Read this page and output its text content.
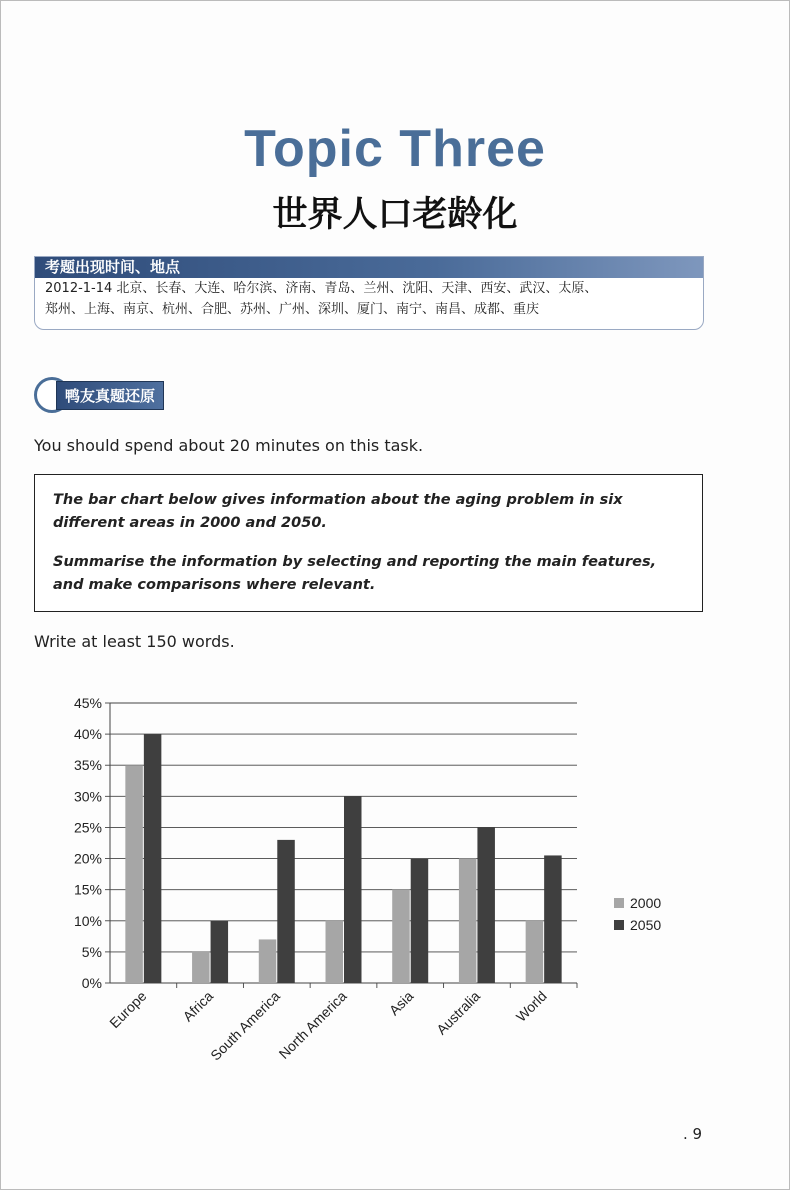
Topic Three
世界人口老龄化
考题出现时间、地点
2012-1-14 北京、长春、大连、哈尔滨、济南、青岛、兰州、沈阳、天津、西安、武汉、太原、
郑州、上海、南京、杭州、合肥、苏州、广州、深圳、厦门、南宁、南昌、成都、重庆
鸭友真题还原
You should spend about 20 minutes on this task.

The bar chart below gives information about the aging problem in six different areas in 2000 and 2050.

Summarise the information by selecting and reporting the main features, and make comparisons where relevant.

Write at least 150 words.
0%
5%
10%
15%
20%
25%
30%
35%
40%
45%
Europe Africa
South America
North America	Asia Australia World
2000
2050
. 9
